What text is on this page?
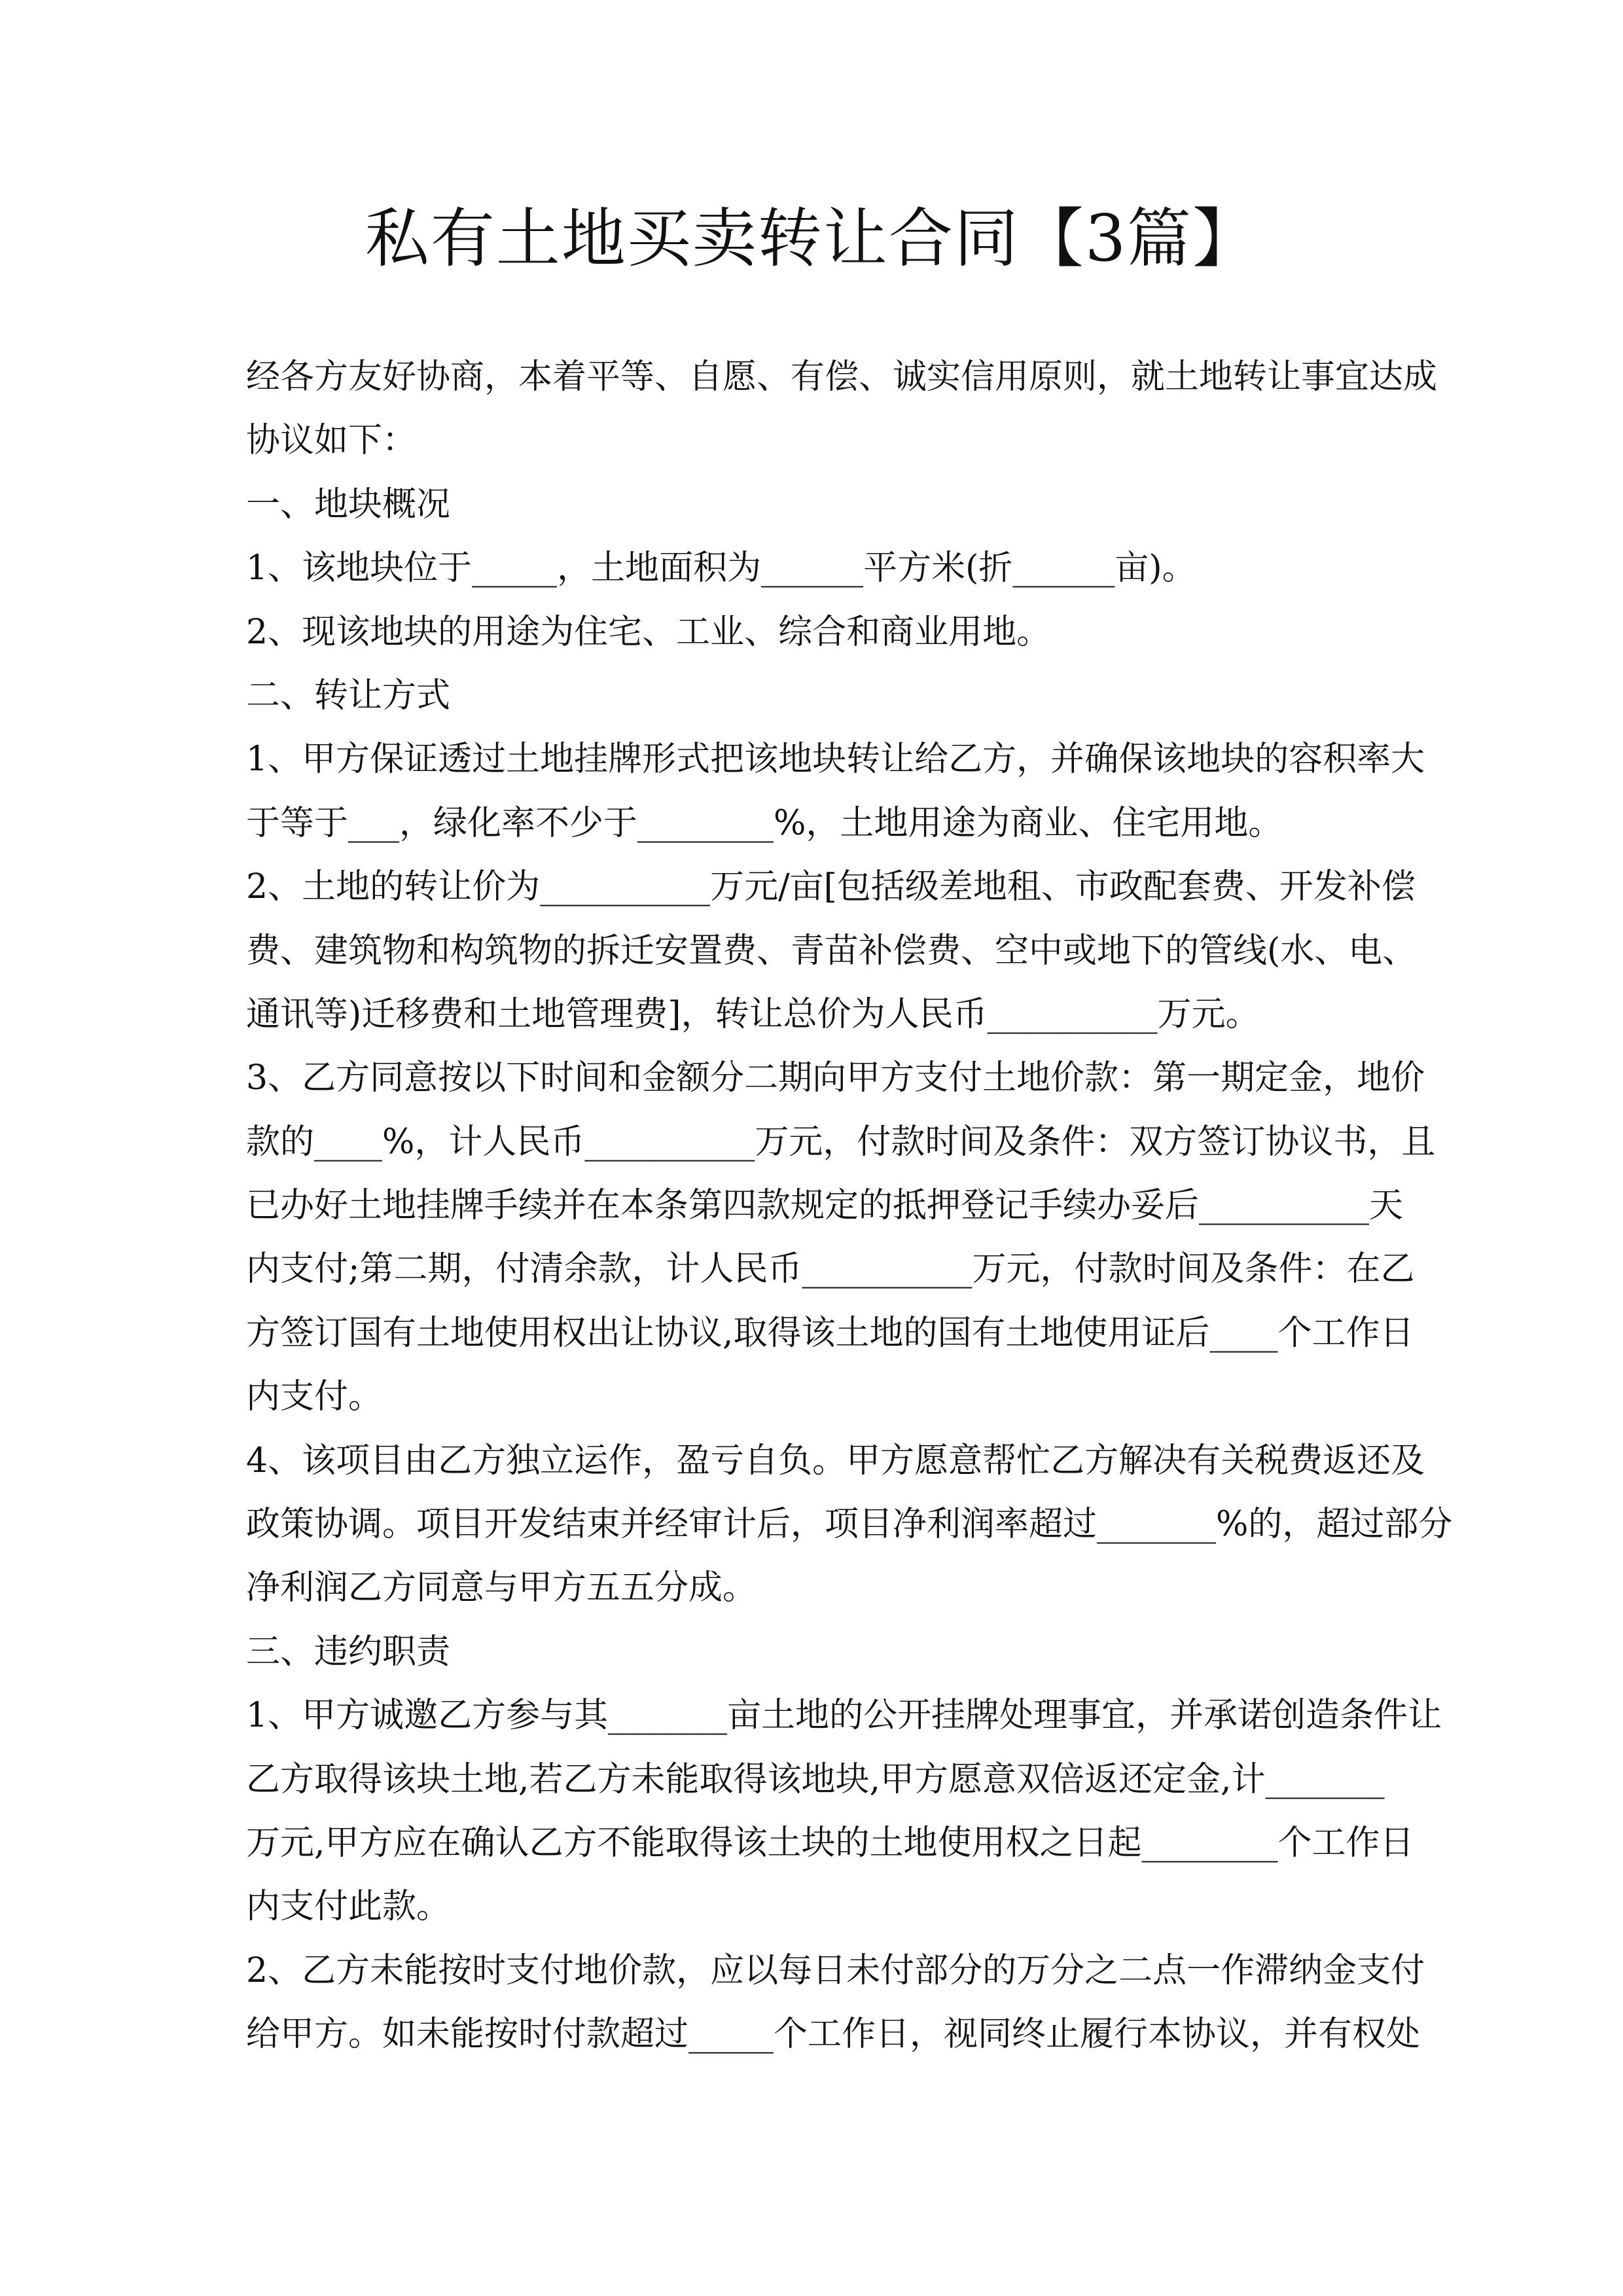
私有土地买卖转让合同【3篇】
经各方友好协商，本着平等、自愿、有偿、诚实信用原则，就土地转让事宜达成
协议如下：
一、地块概况
1、该地块位于_____，土地面积为______平方米(折______亩)。
2、现该地块的用途为住宅、工业、综合和商业用地。
二、转让方式
1、甲方保证透过土地挂牌形式把该地块转让给乙方，并确保该地块的容积率大
于等于___，绿化率不少于________%，土地用途为商业、住宅用地。
2、土地的转让价为__________万元/亩[包括级差地租、市政配套费、开发补偿
费、建筑物和构筑物的拆迁安置费、青苗补偿费、空中或地下的管线(水、电、
通讯等)迁移费和土地管理费]，转让总价为人民币__________万元。
3、乙方同意按以下时间和金额分二期向甲方支付土地价款：第一期定金，地价
款的____%，计人民币__________万元，付款时间及条件：双方签订协议书，且
已办好土地挂牌手续并在本条第四款规定的抵押登记手续办妥后__________天
内支付;第二期，付清余款，计人民币__________万元，付款时间及条件：在乙
方签订国有土地使用权出让协议,取得该土地的国有土地使用证后____个工作日
内支付。
4、该项目由乙方独立运作，盈亏自负。甲方愿意帮忙乙方解决有关税费返还及
政策协调。项目开发结束并经审计后，项目净利润率超过_______%的，超过部分
净利润乙方同意与甲方五五分成。
三、违约职责
1、甲方诚邀乙方参与其_______亩土地的公开挂牌处理事宜，并承诺创造条件让
乙方取得该块土地,若乙方未能取得该地块,甲方愿意双倍返还定金,计_______
万元,甲方应在确认乙方不能取得该土块的土地使用权之日起________个工作日
内支付此款。
2、乙方未能按时支付地价款，应以每日未付部分的万分之二点一作滞纳金支付
给甲方。如未能按时付款超过_____个工作日，视同终止履行本协议，并有权处
